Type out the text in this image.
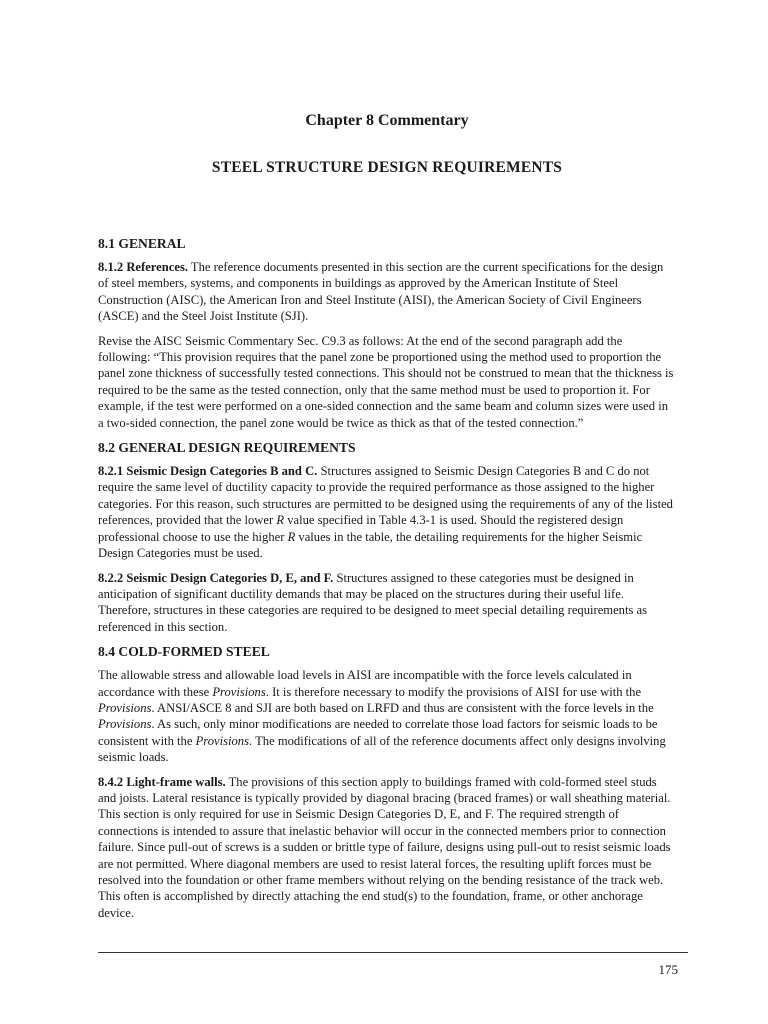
Chapter 8 Commentary
STEEL STRUCTURE DESIGN REQUIREMENTS
8.1 GENERAL

8.1.2 References. The reference documents presented in this section are the current specifications for the design of steel members, systems, and components in buildings as approved by the American Institute of Steel Construction (AISC), the American Iron and Steel Institute (AISI), the American Society of Civil Engineers (ASCE) and the Steel Joist Institute (SJI).

Revise the AISC Seismic Commentary Sec. C9.3 as follows: At the end of the second paragraph add the following: “This provision requires that the panel zone be proportioned using the method used to proportion the panel zone thickness of successfully tested connections. This should not be construed to mean that the thickness is required to be the same as the tested connection, only that the same method must be used to proportion it. For example, if the test were performed on a one-sided connection and the same beam and column sizes were used in a two-sided connection, the panel zone would be twice as thick as that of the tested connection.”

8.2 GENERAL DESIGN REQUIREMENTS

8.2.1 Seismic Design Categories B and C. Structures assigned to Seismic Design Categories B and C do not require the same level of ductility capacity to provide the required performance as those assigned to the higher categories. For this reason, such structures are permitted to be designed using the requirements of any of the listed references, provided that the lower R value specified in Table 4.3-1 is used. Should the registered design professional choose to use the higher R values in the table, the detailing requirements for the higher Seismic Design Categories must be used.

8.2.2 Seismic Design Categories D, E, and F. Structures assigned to these categories must be designed in anticipation of significant ductility demands that may be placed on the structures during their useful life. Therefore, structures in these categories are required to be designed to meet special detailing requirements as referenced in this section.

8.4 COLD-FORMED STEEL

The allowable stress and allowable load levels in AISI are incompatible with the force levels calculated in accordance with these Provisions. It is therefore necessary to modify the provisions of AISI for use with the Provisions. ANSI/ASCE 8 and SJI are both based on LRFD and thus are consistent with the force levels in the Provisions. As such, only minor modifications are needed to correlate those load factors for seismic loads to be consistent with the Provisions. The modifications of all of the reference documents affect only designs involving seismic loads.

8.4.2 Light-frame walls. The provisions of this section apply to buildings framed with cold-formed steel studs and joists. Lateral resistance is typically provided by diagonal bracing (braced frames) or wall sheathing material. This section is only required for use in Seismic Design Categories D, E, and F. The required strength of connections is intended to assure that inelastic behavior will occur in the connected members prior to connection failure. Since pull-out of screws is a sudden or brittle type of failure, designs using pull-out to resist seismic loads are not permitted. Where diagonal members are used to resist lateral forces, the resulting uplift forces must be resolved into the foundation or other frame members without relying on the bending resistance of the track web. This often is accomplished by directly attaching the end stud(s) to the foundation, frame, or other anchorage device.

175
